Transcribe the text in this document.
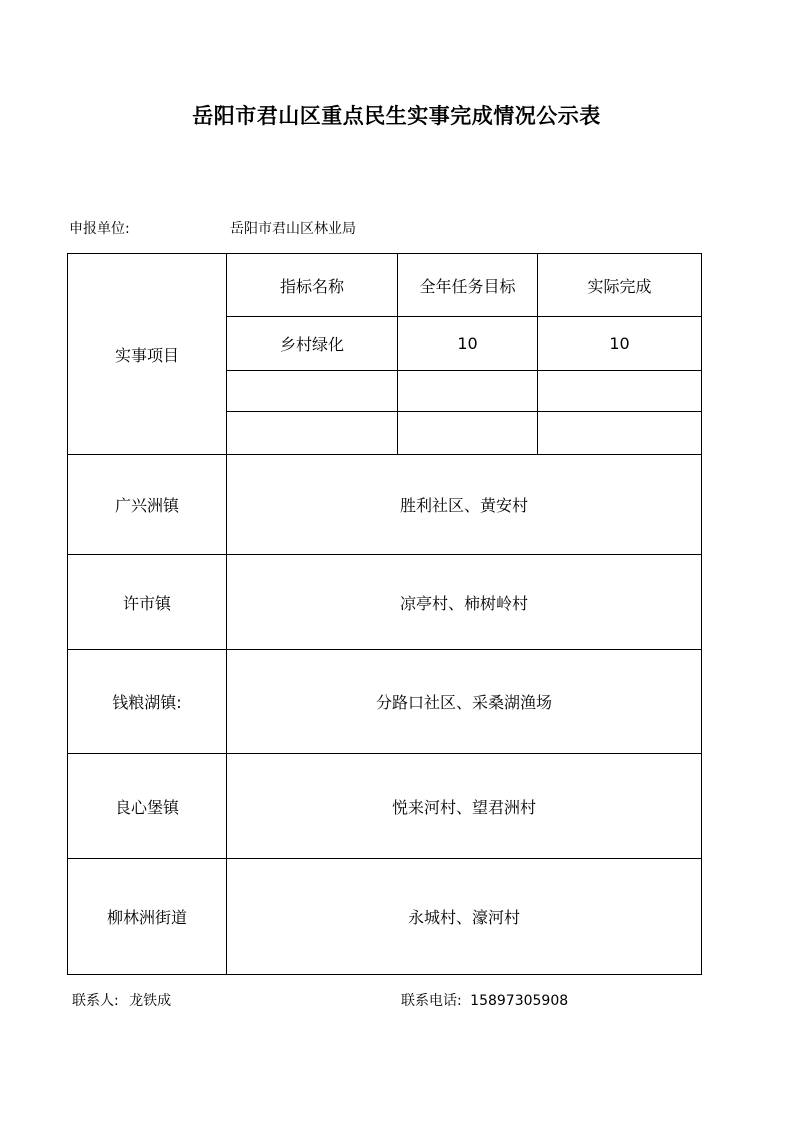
岳阳市君山区重点民生实事完成情况公示表
申报单位:	岳阳市君山区林业局
实事项目	指标名称	全年任务目标	实际完成
	乡村绿化	10	10

广兴洲镇	胜利社区、黄安村		
许市镇	凉亭村、柿树岭村		
钱粮湖镇:	分路口社区、采桑湖渔场		
良心堡镇	悦来河村、望君洲村		
柳林洲街道	永城村、濠河村		
联系人: 龙铁成	联系电话: 15897305908
